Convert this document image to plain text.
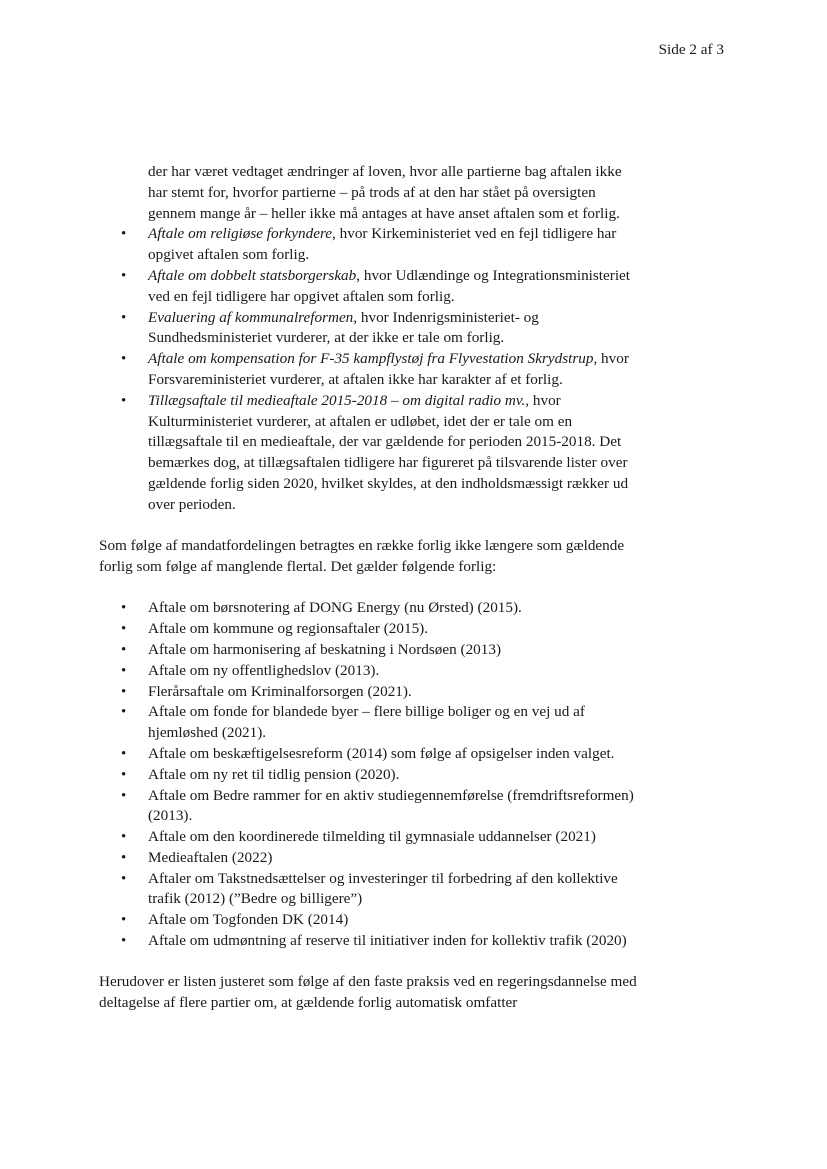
Side 2 af 3

der har været vedtaget ændringer af loven, hvor alle partierne bag aftalen ikke har stemt for, hvorfor partierne – på trods af at den har stået på oversigten gennem mange år – heller ikke må antages at have anset aftalen som et forlig.

• Aftale om religiøse forkyndere, hvor Kirkeministeriet ved en fejl tidligere har opgivet aftalen som forlig.
• Aftale om dobbelt statsborgerskab, hvor Udlændinge og Integrationsministeriet ved en fejl tidligere har opgivet aftalen som forlig.
• Evaluering af kommunalreformen, hvor Indenrigsministeriet- og Sundhedsministeriet vurderer, at der ikke er tale om forlig.
• Aftale om kompensation for F-35 kampflystøj fra Flyvestation Skrydstrup, hvor Forsvareministeriet vurderer, at aftalen ikke har karakter af et forlig.
• Tillægsaftale til medieaftale 2015-2018 – om digital radio mv., hvor Kulturministeriet vurderer, at aftalen er udløbet, idet der er tale om en tillægsaftale til en medieaftale, der var gældende for perioden 2015-2018. Det bemærkes dog, at tillægsaftalen tidligere har figureret på tilsvarende lister over gældende forlig siden 2020, hvilket skyldes, at den indholdsmæssigt rækker ud over perioden.

Som følge af mandatfordelingen betragtes en række forlig ikke længere som gældende forlig som følge af manglende flertal. Det gælder følgende forlig:

• Aftale om børsnotering af DONG Energy (nu Ørsted) (2015).
• Aftale om kommune og regionsaftaler (2015).
• Aftale om harmonisering af beskatning i Nordsøen (2013)
• Aftale om ny offentlighedslov (2013).
• Flerårsaftale om Kriminalforsorgen (2021).
• Aftale om fonde for blandede byer – flere billige boliger og en vej ud af hjemløshed (2021).
• Aftale om beskæftigelsesreform (2014) som følge af opsigelser inden valget.
• Aftale om ny ret til tidlig pension (2020).
• Aftale om Bedre rammer for en aktiv studiegennemførelse (fremdriftsreformen) (2013).
• Aftale om den koordinerede tilmelding til gymnasiale uddannelser (2021)
• Medieaftalen (2022)
• Aftaler om Takstnedsættelser og investeringer til forbedring af den kollektive trafik (2012) (”Bedre og billigere”)
• Aftale om Togfonden DK (2014)
• Aftale om udmøntning af reserve til initiativer inden for kollektiv trafik (2020)

Herudover er listen justeret som følge af den faste praksis ved en regeringsdannelse med deltagelse af flere partier om, at gældende forlig automatisk omfatter
